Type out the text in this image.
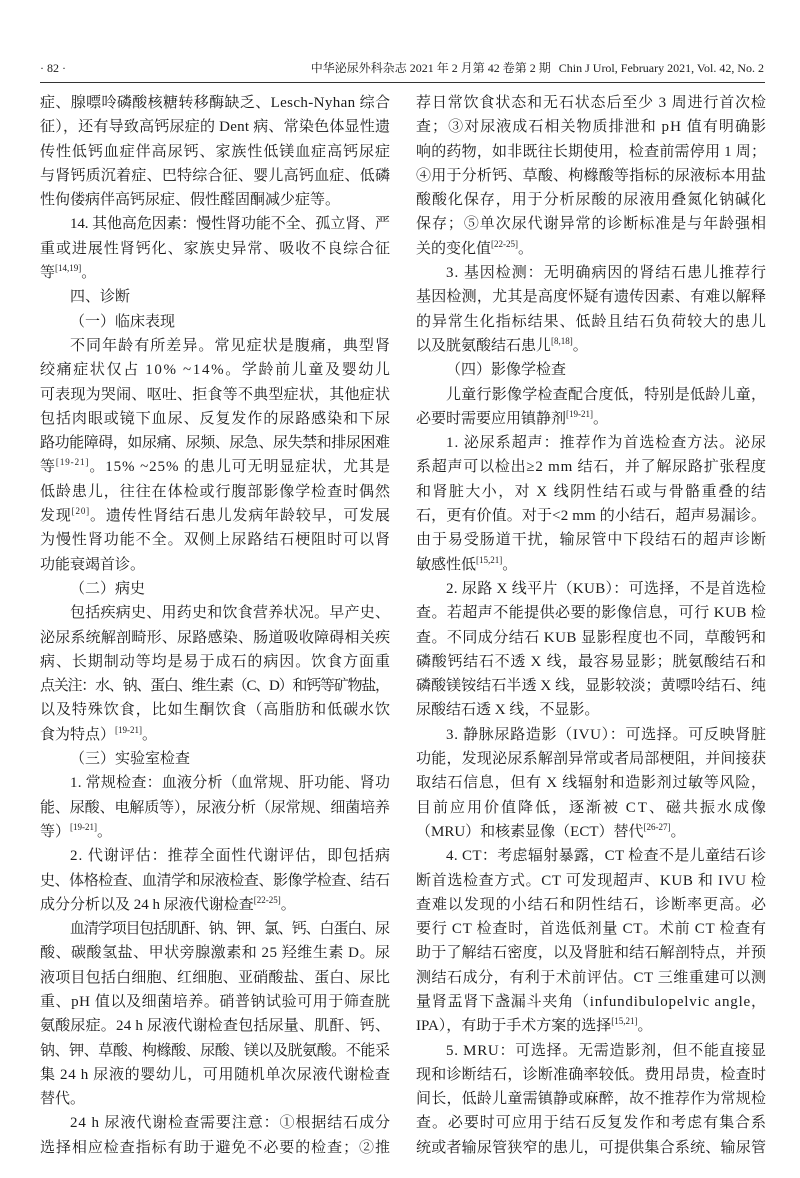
· 82 ·	中华泌尿外科杂志 2021 年 2 月第 42 卷第 2 期 Chin J Urol, February 2021, Vol. 42, No. 2
症、腺嘌呤磷酸核糖转移酶缺乏、Lesch-Nyhan 综合
征），还有导致高钙尿症的 Dent 病、常染色体显性遗
传性低钙血症伴高尿钙、家族性低镁血症高钙尿症
与肾钙质沉着症、巴特综合征、婴儿高钙血症、低磷
性佝偻病伴高钙尿症、假性醛固酮减少症等。
14. 其他高危因素：慢性肾功能不全、孤立肾、严
重或进展性肾钙化、家族史异常、吸收不良综合征
等[14,19]。
四、诊断
（一）临床表现
不同年龄有所差异。常见症状是腹痛，典型肾
绞痛症状仅占 10% ~14%。学龄前儿童及婴幼儿
可表现为哭闹、呕吐、拒食等不典型症状，其他症状
包括肉眼或镜下血尿、反复发作的尿路感染和下尿
路功能障碍，如尿痛、尿频、尿急、尿失禁和排尿困难
等[19-21]。15% ~25% 的患儿可无明显症状，尤其是
低龄患儿，往往在体检或行腹部影像学检查时偶然
发现[20]。遗传性肾结石患儿发病年龄较早，可发展
为慢性肾功能不全。双侧上尿路结石梗阻时可以肾
功能衰竭首诊。
（二）病史
包括疾病史、用药史和饮食营养状况。早产史、
泌尿系统解剖畸形、尿路感染、肠道吸收障碍相关疾
病、长期制动等均是易于成石的病因。饮食方面重
点关注：水、钠、蛋白、维生素（C、D）和钙等矿物盐，
以及特殊饮食，比如生酮饮食（高脂肪和低碳水饮
食为特点）[19-21]。
（三）实验室检查
1. 常规检查：血液分析（血常规、肝功能、肾功
能、尿酸、电解质等），尿液分析（尿常规、细菌培养
等）[19-21]。
2. 代谢评估：推荐全面性代谢评估，即包括病
史、体格检查、血清学和尿液检查、影像学检查、结石
成分分析以及 24 h 尿液代谢检查[22-25]。
血清学项目包括肌酐、钠、钾、氯、钙、白蛋白、尿
酸、碳酸氢盐、甲状旁腺激素和 25 羟维生素 D。尿
液项目包括白细胞、红细胞、亚硝酸盐、蛋白、尿比
重、pH 值以及细菌培养。硝普钠试验可用于筛查胱
氨酸尿症。24 h 尿液代谢检查包括尿量、肌酐、钙、
钠、钾、草酸、枸橼酸、尿酸、镁以及胱氨酸。不能采
集 24 h 尿液的婴幼儿，可用随机单次尿液代谢检查
替代。
24 h 尿液代谢检查需要注意：①根据结石成分
选择相应检查指标有助于避免不必要的检查；②推
荐日常饮食状态和无石状态后至少 3 周进行首次检
查；③对尿液成石相关物质排泄和 pH 值有明确影
响的药物，如非既往长期使用，检查前需停用 1 周；
④用于分析钙、草酸、枸橼酸等指标的尿液标本用盐
酸酸化保存，用于分析尿酸的尿液用叠氮化钠碱化
保存；⑤单次尿代谢异常的诊断标准是与年龄强相
关的变化值[22-25]。
3. 基因检测：无明确病因的肾结石患儿推荐行
基因检测，尤其是高度怀疑有遗传因素、有难以解释
的异常生化指标结果、低龄且结石负荷较大的患儿
以及胱氨酸结石患儿[8,18]。
（四）影像学检查
儿童行影像学检查配合度低，特别是低龄儿童，
必要时需要应用镇静剂[19-21]。
1. 泌尿系超声：推荐作为首选检查方法。泌尿
系超声可以检出≥2 mm 结石，并了解尿路扩张程度
和肾脏大小，对 X 线阴性结石或与骨骼重叠的结
石，更有价值。对于<2 mm 的小结石，超声易漏诊。
由于易受肠道干扰，输尿管中下段结石的超声诊断
敏感性低[15,21]。
2. 尿路 X 线平片（KUB）：可选择，不是首选检
查。若超声不能提供必要的影像信息，可行 KUB 检
查。不同成分结石 KUB 显影程度也不同，草酸钙和
磷酸钙结石不透 X 线，最容易显影；胱氨酸结石和
磷酸镁铵结石半透 X 线，显影较淡；黄嘌呤结石、纯
尿酸结石透 X 线，不显影。
3. 静脉尿路造影（IVU）：可选择。可反映肾脏
功能，发现泌尿系解剖异常或者局部梗阻，并间接获
取结石信息，但有 X 线辐射和造影剂过敏等风险，
目前应用价值降低，逐渐被 CT、磁共振水成像
（MRU）和核素显像（ECT）替代[26-27]。
4. CT：考虑辐射暴露，CT 检查不是儿童结石诊
断首选检查方式。CT 可发现超声、KUB 和 IVU 检
查难以发现的小结石和阴性结石，诊断率更高。必
要行 CT 检查时，首选低剂量 CT。术前 CT 检查有
助于了解结石密度，以及肾脏和结石解剖特点，并预
测结石成分，有利于术前评估。CT 三维重建可以测
量肾盂肾下盏漏斗夹角（infundibulopelvic angle，
IPA），有助于手术方案的选择[15,21]。
5. MRU：可选择。无需造影剂，但不能直接显
现和诊断结石，诊断准确率较低。费用昂贵，检查时
间长，低龄儿童需镇静或麻醉，故不推荐作为常规检
查。必要时可应用于结石反复发作和考虑有集合系
统或者输尿管狭窄的患儿，可提供集合系统、输尿管
